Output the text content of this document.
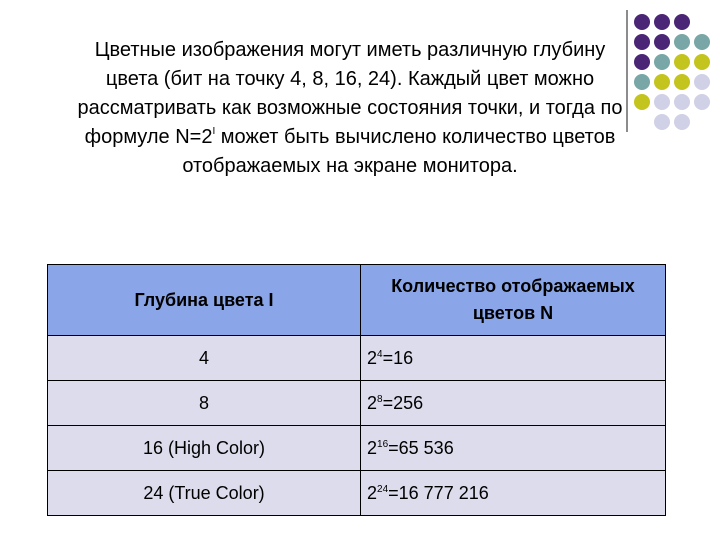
Цветные изображения могут иметь различную глубину цвета (бит на точку 4, 8, 16, 24). Каждый цвет можно рассматривать как возможные состояния точки, и тогда по формуле $N=2^I$ может быть вычислено количество цветов отображаемых на экране монитора.

Глубина цвета I	Количество отображаемых цветов N
4	$2^4=16$
8	$2^8=256$
16 (High Color)	$2^{16}=65$ 536
24 (True Color)	$2^{24}=16$ 777 216
